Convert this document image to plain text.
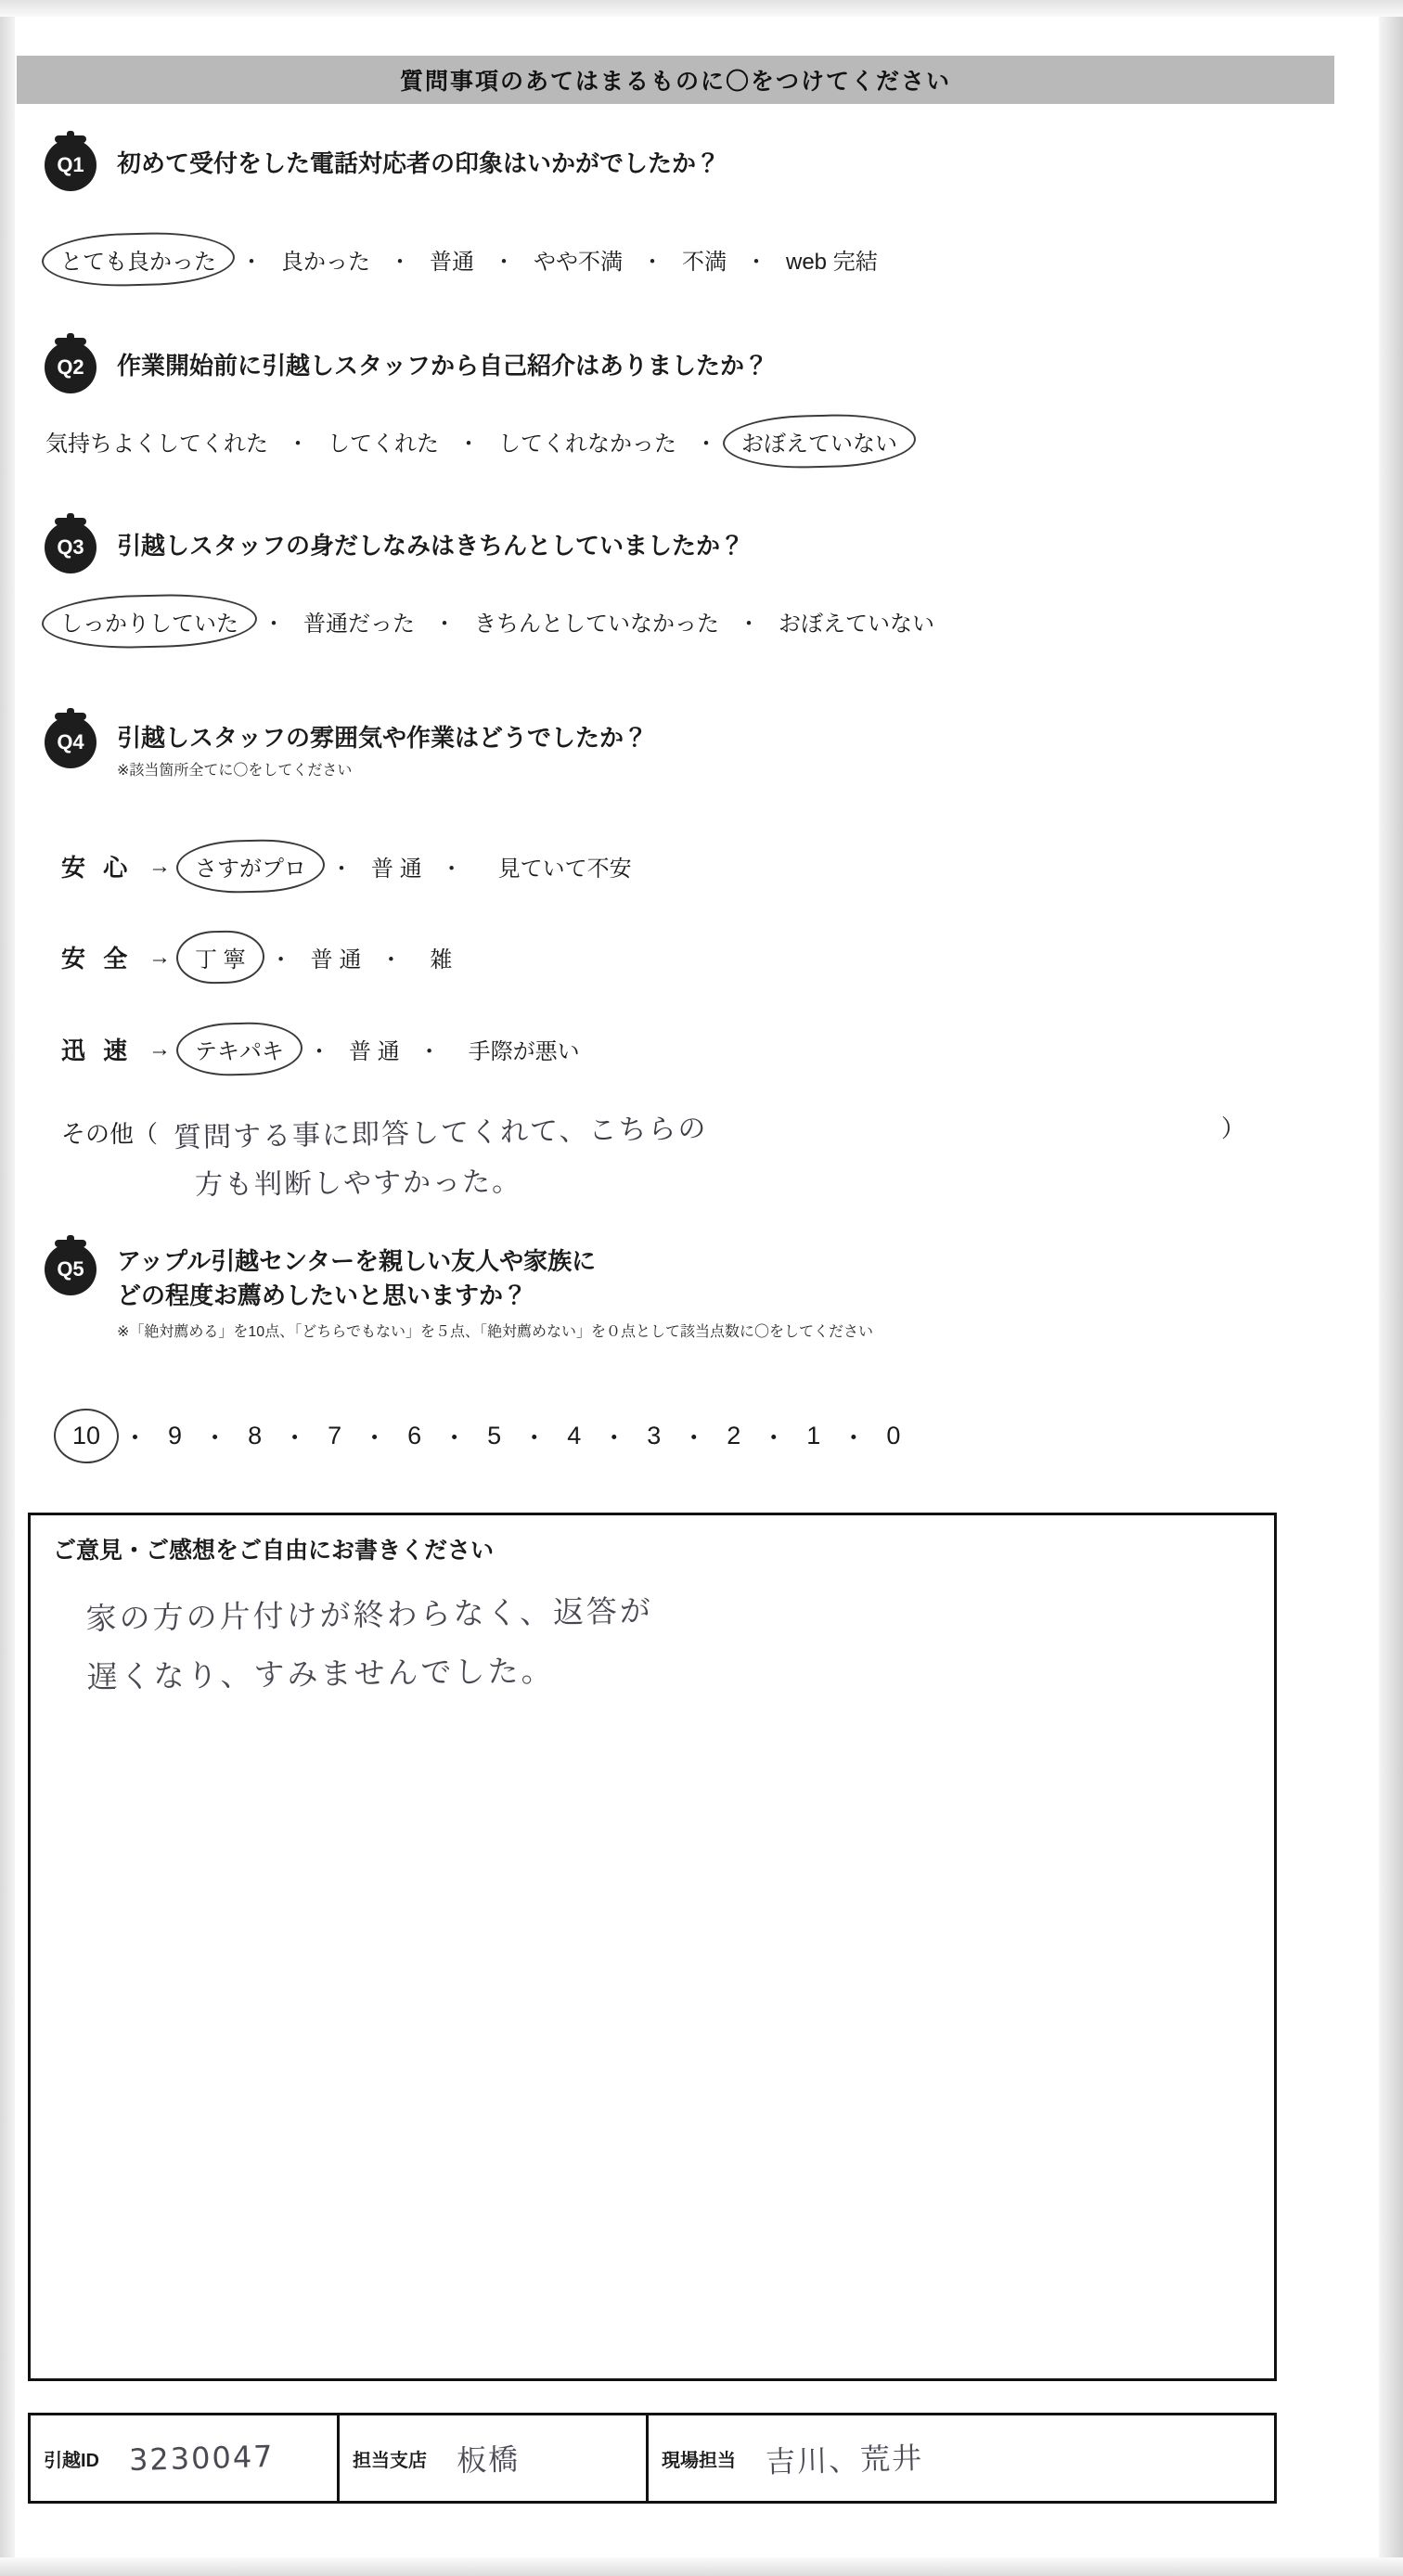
質問事項のあてはまるものに〇をつけてください
Q1	初めて受付をした電話対応者の印象はいかがでしたか？
とても良かった	・ 良かった ・ 普通 ・ やや不満 ・ 不満 ・ web 完結
Q2	作業開始前に引越しスタッフから自己紹介はありましたか？
気持ちよくしてくれた ・ してくれた ・ してくれなかった ・	おぼえていない
Q3	引越しスタッフの身だしなみはきちんとしていましたか？
しっかりしていた	・ 普通だった ・ きちんとしていなかった ・ おぼえていない
Q4	引越しスタッフの雰囲気や作業はどうでしたか？
※該当箇所全てに〇をしてください
安 心 →	さすがプロ	・ 普 通 ・	見ていて不安
安 全 →	丁 寧	・ 普 通 ・	雑
迅 速 →	テキパキ	・ 普 通 ・	手際が悪い
その他（ 質問する事に即答してくれて、こちらの	）
方も判断しやすかった。
Q5	アップル引越センターを親しい友人や家族に
どの程度お薦めしたいと思いますか？
※「絶対薦める」を10点、「どちらでもない」を５点、「絶対薦めない」を０点として該当点数に〇をしてください
10 ・ 9 ・ 8 ・ 7 ・ 6 ・ 5 ・ 4 ・ 3 ・ 2 ・ 1 ・ 0
ご意見・ご感想をご自由にお書きください
家の方の片付けが終わらなく、返答が
遅くなり、すみませんでした。
引越ID 3230047	担当支店 板橋	現場担当 吉川、荒井
